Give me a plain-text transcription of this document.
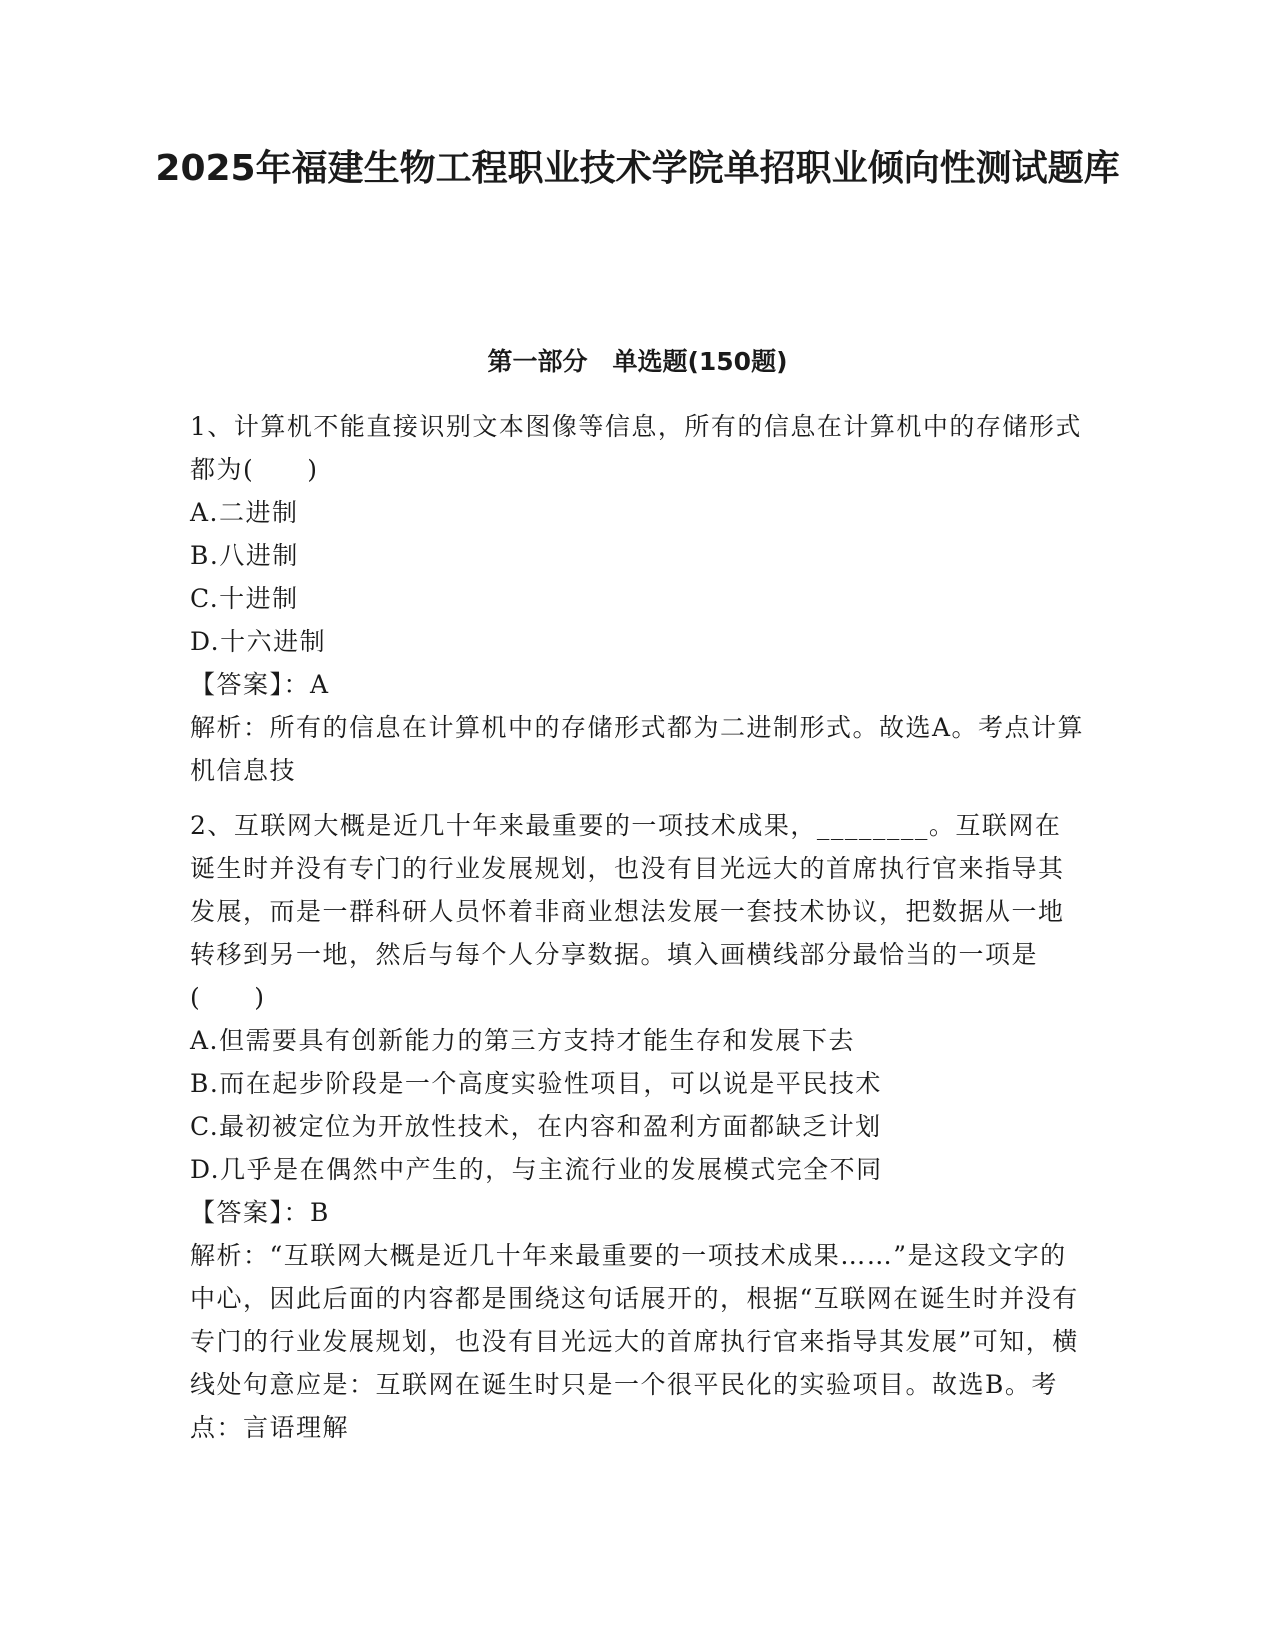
2025年福建生物工程职业技术学院单招职业倾向性测试题库
第一部分　单选题(150题)

1、计算机不能直接识别文本图像等信息，所有的信息在计算机中的存储形式都为(　　)

A.二进制

B.八进制

C.十进制

D.十六进制

【答案】：A

解析：所有的信息在计算机中的存储形式都为二进制形式。故选A。考点计算机信息技

2、互联网大概是近几十年来最重要的一项技术成果，________。互联网在诞生时并没有专门的行业发展规划，也没有目光远大的首席执行官来指导其发展，而是一群科研人员怀着非商业想法发展一套技术协议，把数据从一地转移到另一地，然后与每个人分享数据。填入画横线部分最恰当的一项是(　　)

A.但需要具有创新能力的第三方支持才能生存和发展下去

B.而在起步阶段是一个高度实验性项目，可以说是平民技术

C.最初被定位为开放性技术，在内容和盈利方面都缺乏计划

D.几乎是在偶然中产生的，与主流行业的发展模式完全不同

【答案】：B

解析：“互联网大概是近几十年来最重要的一项技术成果……”是这段文字的中心，因此后面的内容都是围绕这句话展开的，根据“互联网在诞生时并没有专门的行业发展规划，也没有目光远大的首席执行官来指导其发展”可知，横线处句意应是：互联网在诞生时只是一个很平民化的实验项目。故选B。考点：言语理解
